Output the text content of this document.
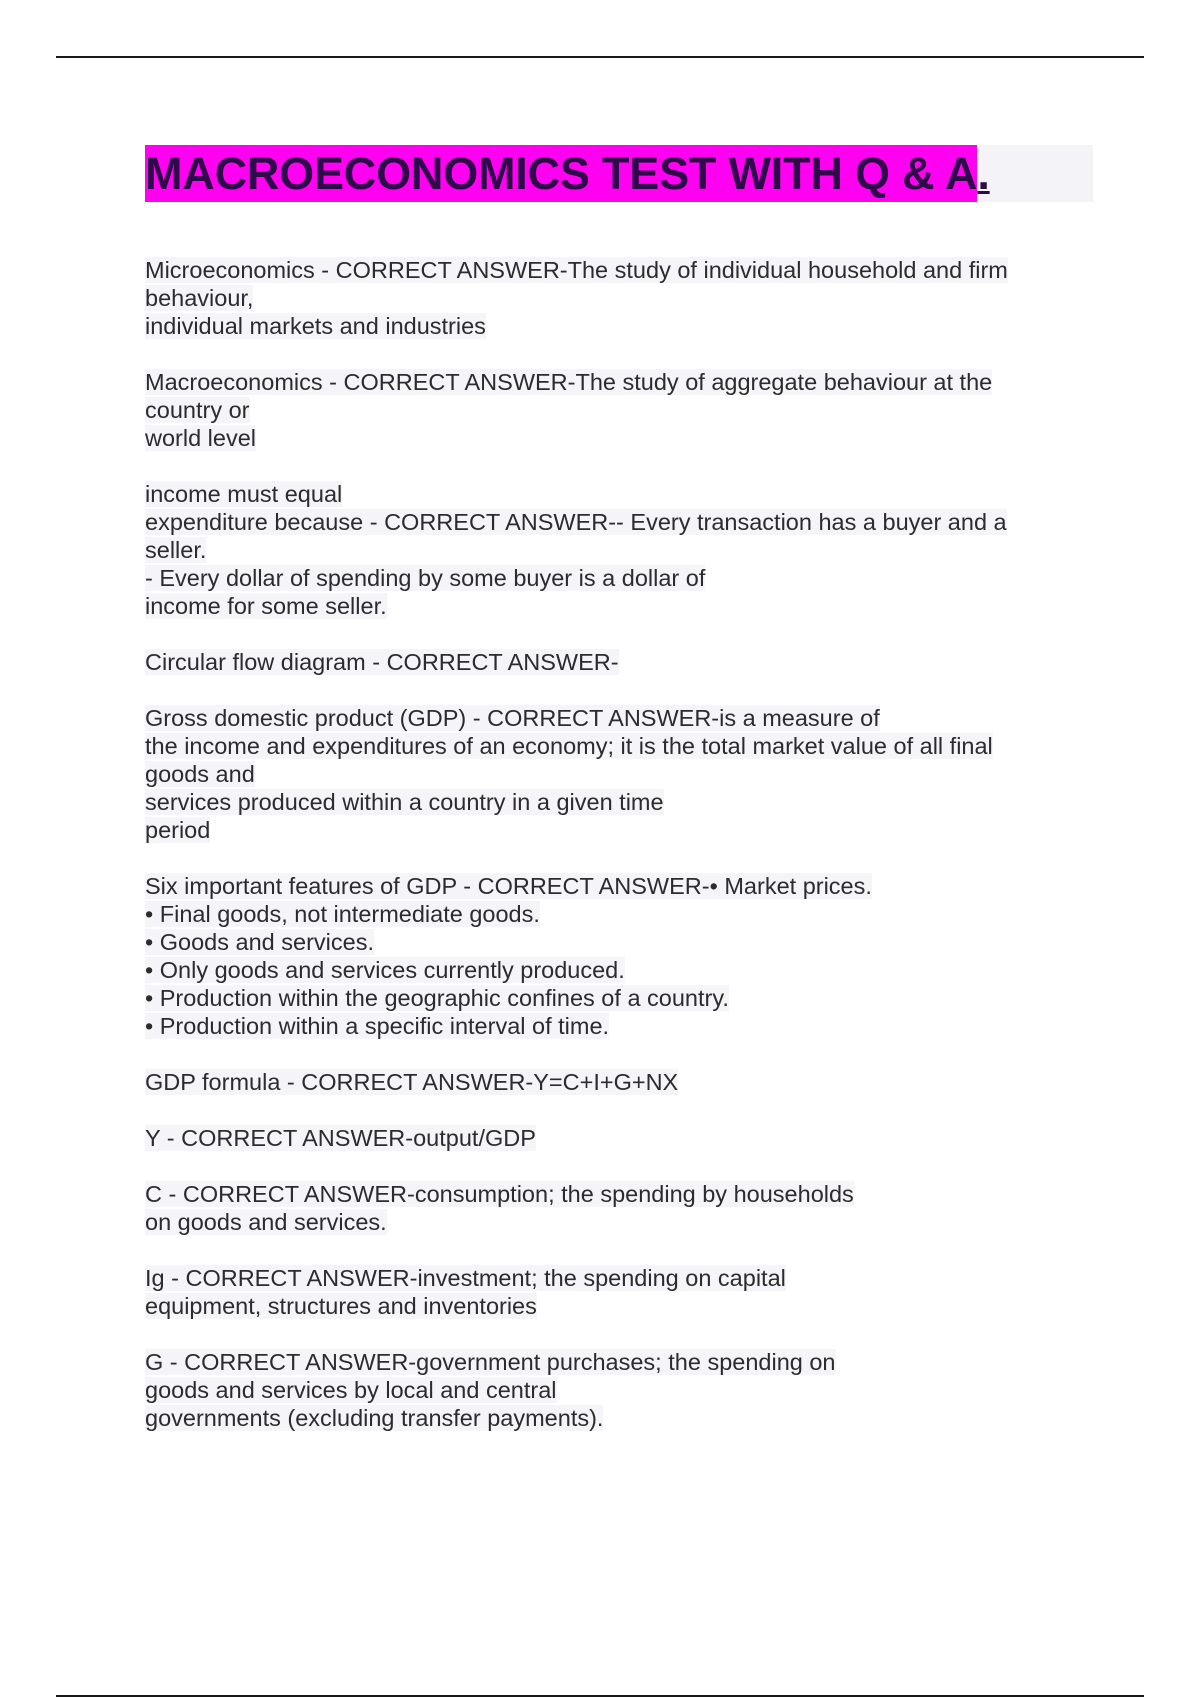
MACROECONOMICS TEST WITH Q & A.
Microeconomics - CORRECT ANSWER-The study of individual household and firm
behaviour,
individual markets and industries
Macroeconomics - CORRECT ANSWER-The study of aggregate behaviour at the
country or
world level
income must equal
expenditure because - CORRECT ANSWER-- Every transaction has a buyer and a
seller.
- Every dollar of spending by some buyer is a dollar of
income for some seller.
Circular flow diagram - CORRECT ANSWER-
Gross domestic product (GDP) - CORRECT ANSWER-is a measure of
the income and expenditures of an economy; it is the total market value of all final
goods and
services produced within a country in a given time
period
Six important features of GDP - CORRECT ANSWER-• Market prices.
• Final goods, not intermediate goods.
• Goods and services.
• Only goods and services currently produced.
• Production within the geographic confines of a country.
• Production within a specific interval of time.
GDP formula - CORRECT ANSWER-Y=C+I+G+NX
Y - CORRECT ANSWER-output/GDP
C - CORRECT ANSWER-consumption; the spending by households
on goods and services.
Ig - CORRECT ANSWER-investment; the spending on capital
equipment, structures and inventories
G - CORRECT ANSWER-government purchases; the spending on
goods and services by local and central
governments (excluding transfer payments).
